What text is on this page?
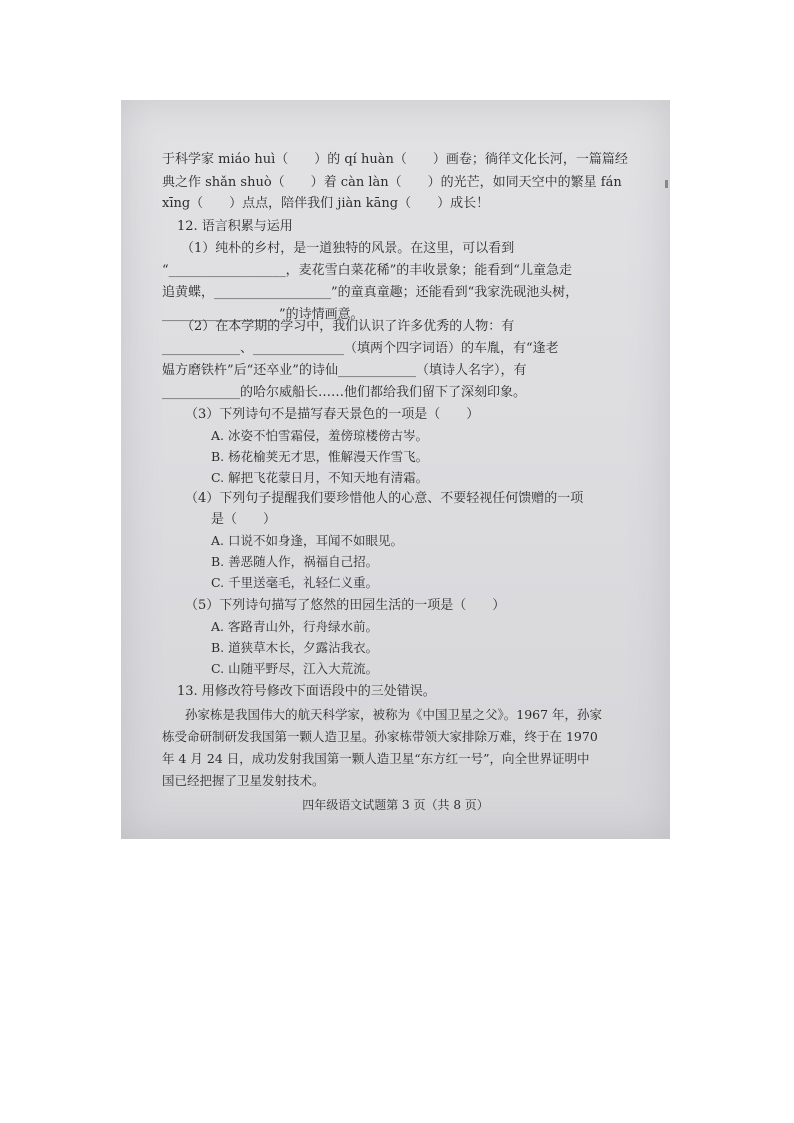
于科学家 miáo huì（　　）的 qí huàn（　　）画卷；徜徉文化长河，一篇篇经
典之作 shǎn shuò（　　）着 càn làn（　　）的光芒，如同天空中的繁星 fán
xīng（　　）点点，陪伴我们 jiàn kāng（　　）成长！
12. 语言积累与运用
（1）纯朴的乡村，是一道独特的风景。在这里，可以看到
“__________________，麦花雪白菜花稀”的丰收景象；能看到“儿童急走
追黄蝶，__________________”的童真童趣；还能看到“我家洗砚池头树，
__________________”的诗情画意。
（2）在本学期的学习中，我们认识了许多优秀的人物：有
____________、______________（填两个四字词语）的车胤，有“逢老
媪方磨铁杵”后“还卒业”的诗仙____________（填诗人名字），有
____________的哈尔威船长……他们都给我们留下了深刻印象。
（3）下列诗句不是描写春天景色的一项是（　　）
A. 冰姿不怕雪霜侵，羞傍琼楼傍古岑。
B. 杨花榆荚无才思，惟解漫天作雪飞。
C. 解把飞花蒙日月，不知天地有清霜。
（4）下列句子提醒我们要珍惜他人的心意、不要轻视任何馈赠的一项
是（　　）
A. 口说不如身逢，耳闻不如眼见。
B. 善恶随人作，祸福自己招。
C. 千里送毫毛，礼轻仁义重。
（5）下列诗句描写了悠然的田园生活的一项是（　　）
A. 客路青山外，行舟绿水前。
B. 道狭草木长，夕露沾我衣。
C. 山随平野尽，江入大荒流。
13. 用修改符号修改下面语段中的三处错误。
孙家栋是我国伟大的航天科学家，被称为《中国卫星之父》。1967 年，孙家
栋受命研制研发我国第一颗人造卫星。孙家栋带领大家排除万难，终于在 1970
年 4 月 24 日，成功发射我国第一颗人造卫星“东方红一号”，向全世界证明中
国已经把握了卫星发射技术。
四年级语文试题第 3 页（共 8 页）
